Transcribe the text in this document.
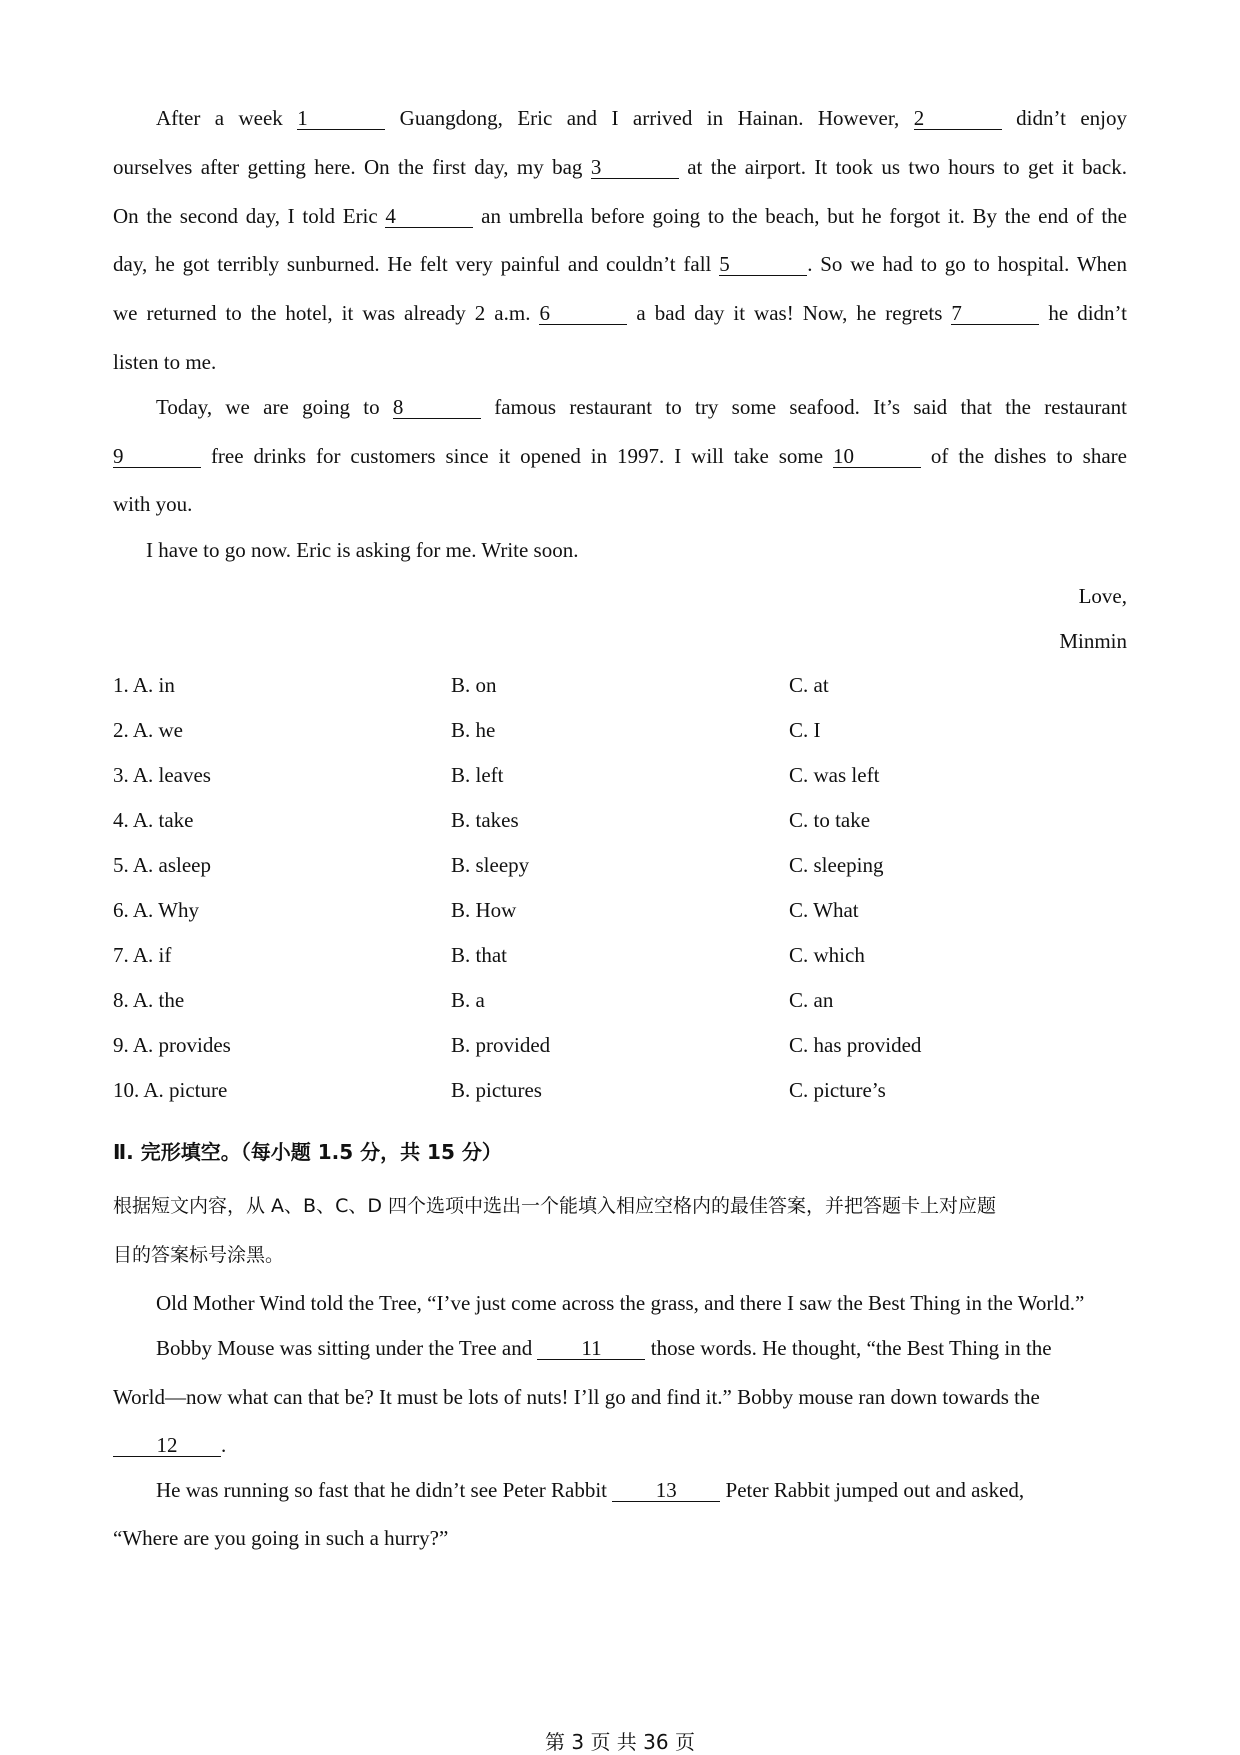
After a week 1	Guangdong, Eric and I arrived in Hainan. However, 2	didn’t enjoy
ourselves after getting here. On the first day, my bag 3	at the airport. It took us two hours to get it back.
On the second day, I told Eric 4	an umbrella before going to the beach, but he forgot it. By the end of the
day, he got terribly sunburned. He felt very painful and couldn’t fall 5	. So we had to go to hospital. When
we returned to the hotel, it was already 2 a.m. 6	a bad day it was! Now, he regrets 7	he didn’t
listen to me.
Today, we are going to 8	famous restaurant to try some seafood. It’s said that the restaurant
9	free drinks for customers since it opened in 1997. I will take some 10	of the dishes to share
with you.
I have to go now. Eric is asking for me. Write soon.
Love,
Minmin
1. A. in	B. on	C. at
2. A. we	B. he	C. I
3. A. leaves	B. left	C. was left
4. A. take	B. takes	C. to take
5. A. asleep	B. sleepy	C. sleeping
6. A. Why	B. How	C. What
7. A. if	B. that	C. which
8. A. the	B. a	C. an
9. A. provides	B. provided	C. has provided
10. A. picture	B. pictures	C. picture’s
Ⅱ. 完形填空。（每小题 1.5 分，共 15 分）
根据短文内容，从 A、B、C、D 四个选项中选出一个能填入相应空格内的最佳答案，并把答题卡上对应题
目的答案标号涂黑。
Old Mother Wind told the Tree, “I’ve just come across the grass, and there I saw the Best Thing in the World.”
Bobby Mouse was sitting under the Tree and 11 those words. He thought, “the Best Thing in the
World—now what can that be? It must be lots of nuts! I’ll go and find it.” Bobby mouse ran down towards the
12 .
He was running so fast that he didn’t see Peter Rabbit 13 Peter Rabbit jumped out and asked,
“Where are you going in such a hurry?”
第 3 页 共 36 页
